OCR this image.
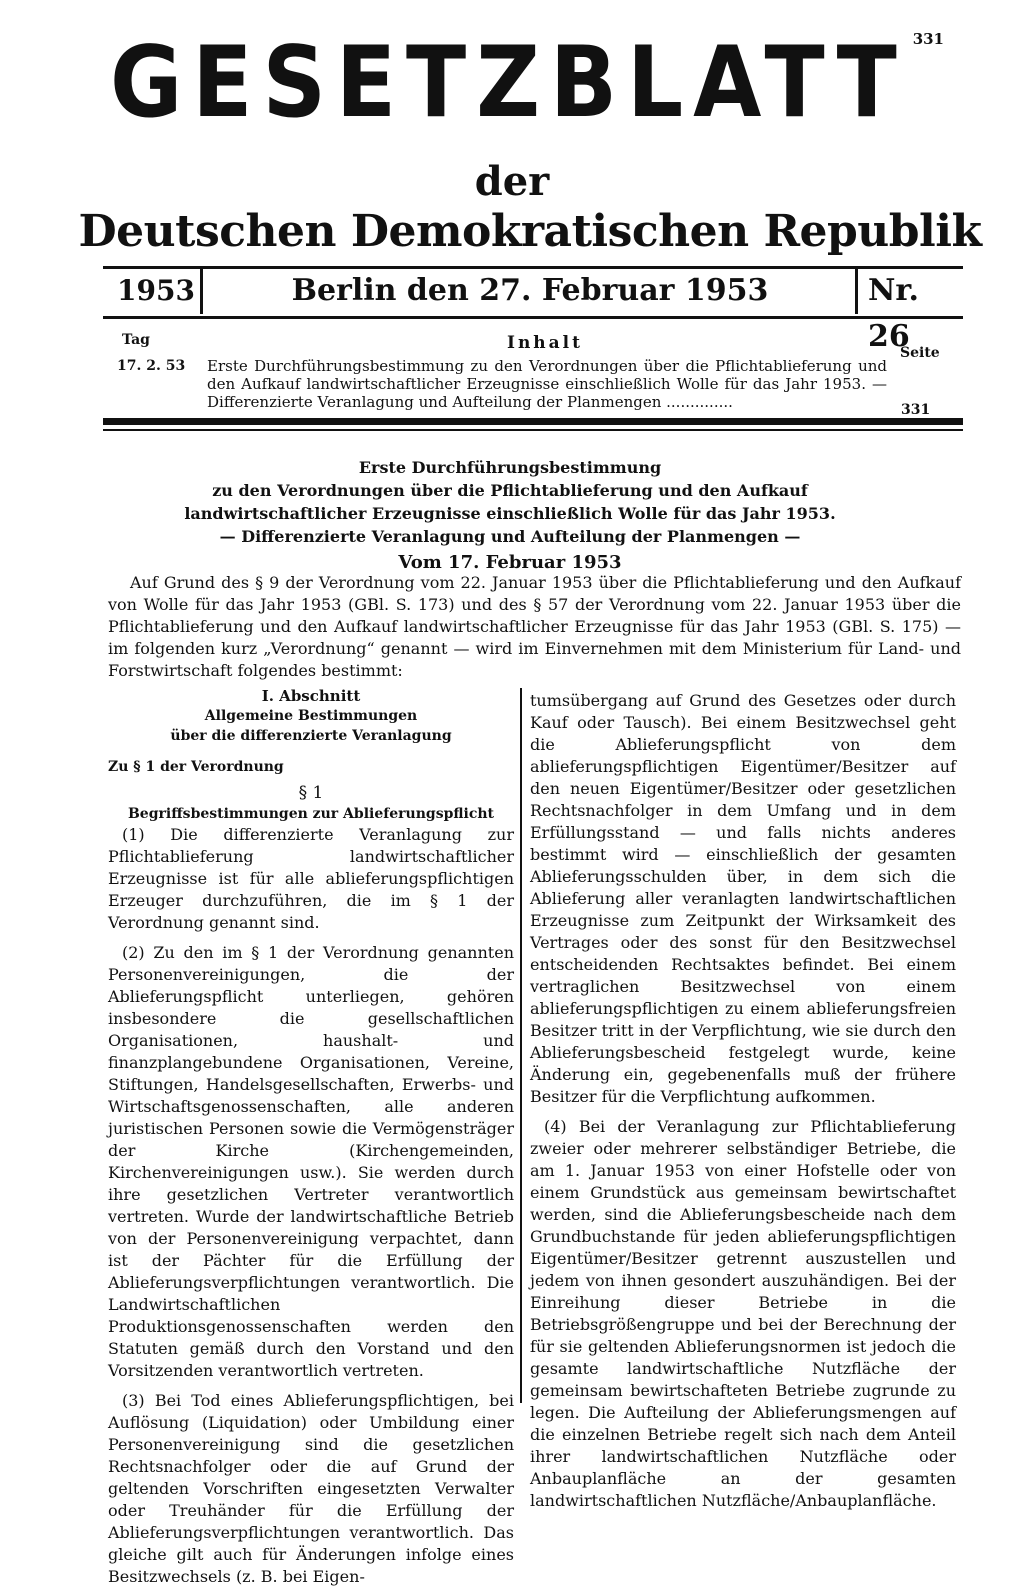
331
GESETZBLATT
der
Deutschen Demokratischen Republik
1953	Berlin den 27. Februar 1953	Nr. 26
Tag	Inhalt	Seite
17. 2. 53 Erste Durchführungsbestimmung zu den Verordnungen über die Pflichtablieferung und den Aufkauf landwirtschaftlicher Erzeugnisse einschließlich Wolle für das Jahr 1953. — Differenzierte Veranlagung und Aufteilung der Planmengen ..............	331
Erste Durchführungsbestimmung
zu den Verordnungen über die Pflichtablieferung und den Aufkauf
landwirtschaftlicher Erzeugnisse einschließlich Wolle für das Jahr 1953.
— Differenzierte Veranlagung und Aufteilung der Planmengen —
Vom 17. Februar 1953
Auf Grund des § 9 der Verordnung vom 22. Januar 1953 über die Pflichtablieferung und den Aufkauf von Wolle für das Jahr 1953 (GBl. S. 173) und des § 57 der Verordnung vom 22. Januar 1953 über die Pflichtablieferung und den Aufkauf landwirtschaftlicher Erzeugnisse für das Jahr 1953 (GBl. S. 175) — im folgenden kurz „Verordnung“ genannt — wird im Einvernehmen mit dem Ministerium für Land- und Forstwirtschaft folgendes bestimmt:
I. Abschnitt
Allgemeine Bestimmungen
über die differenzierte Veranlagung
Zu § 1 der Verordnung
§ 1
Begriffsbestimmungen zur Ablieferungspflicht

(1) Die differenzierte Veranlagung zur Pflichtablieferung landwirtschaftlicher Erzeugnisse ist für alle ablieferungspflichtigen Erzeuger durchzuführen, die im § 1 der Verordnung genannt sind.

(2) Zu den im § 1 der Verordnung genannten Personenvereinigungen, die der Ablieferungspflicht unterliegen, gehören insbesondere die gesellschaftlichen Organisationen, haushalt- und finanzplangebundene Organisationen, Vereine, Stiftungen, Handelsgesellschaften, Erwerbs- und Wirtschaftsgenossenschaften, alle anderen juristischen Personen sowie die Vermögensträger der Kirche (Kirchengemeinden, Kirchenvereinigungen usw.). Sie werden durch ihre gesetzlichen Vertreter verantwortlich vertreten. Wurde der landwirtschaftliche Betrieb von der Personenvereinigung verpachtet, dann ist der Pächter für die Erfüllung der Ablieferungsverpflichtungen verantwortlich. Die Landwirtschaftlichen Produktionsgenossenschaften werden den Statuten gemäß durch den Vorstand und den Vorsitzenden verantwortlich vertreten.

(3) Bei Tod eines Ablieferungspflichtigen, bei Auflösung (Liquidation) oder Umbildung einer Personenvereinigung sind die gesetzlichen Rechtsnachfolger oder die auf Grund der geltenden Vorschriften eingesetzten Verwalter oder Treuhänder für die Erfüllung der Ablieferungsverpflichtungen verantwortlich. Das gleiche gilt auch für Änderungen infolge eines Besitzwechsels (z. B. bei Eigen-

tumsübergang auf Grund des Gesetzes oder durch Kauf oder Tausch). Bei einem Besitzwechsel geht die Ablieferungspflicht von dem ablieferungspflichtigen Eigentümer/Besitzer auf den neuen Eigentümer/Besitzer oder gesetzlichen Rechtsnachfolger in dem Umfang und in dem Erfüllungsstand — und falls nichts anderes bestimmt wird — einschließlich der gesamten Ablieferungsschulden über, in dem sich die Ablieferung aller veranlagten landwirtschaftlichen Erzeugnisse zum Zeitpunkt der Wirksamkeit des Vertrages oder des sonst für den Besitzwechsel entscheidenden Rechtsaktes befindet. Bei einem vertraglichen Besitzwechsel von einem ablieferungspflichtigen zu einem ablieferungsfreien Besitzer tritt in der Verpflichtung, wie sie durch den Ablieferungsbescheid festgelegt wurde, keine Änderung ein, gegebenenfalls muß der frühere Besitzer für die Verpflichtung aufkommen.

(4) Bei der Veranlagung zur Pflichtablieferung zweier oder mehrerer selbständiger Betriebe, die am 1. Januar 1953 von einer Hofstelle oder von einem Grundstück aus gemeinsam bewirtschaftet werden, sind die Ablieferungsbescheide nach dem Grundbuchstande für jeden ablieferungspflichtigen Eigentümer/Besitzer getrennt auszustellen und jedem von ihnen gesondert auszuhändigen. Bei der Einreihung dieser Betriebe in die Betriebsgrößengruppe und bei der Berechnung der für sie geltenden Ablieferungsnormen ist jedoch die gesamte landwirtschaftliche Nutzfläche der gemeinsam bewirtschafteten Betriebe zugrunde zu legen. Die Aufteilung der Ablieferungsmengen auf die einzelnen Betriebe regelt sich nach dem Anteil ihrer landwirtschaftlichen Nutzfläche oder Anbauplanfläche an der gesamten landwirtschaftlichen Nutzfläche/Anbauplanfläche.
